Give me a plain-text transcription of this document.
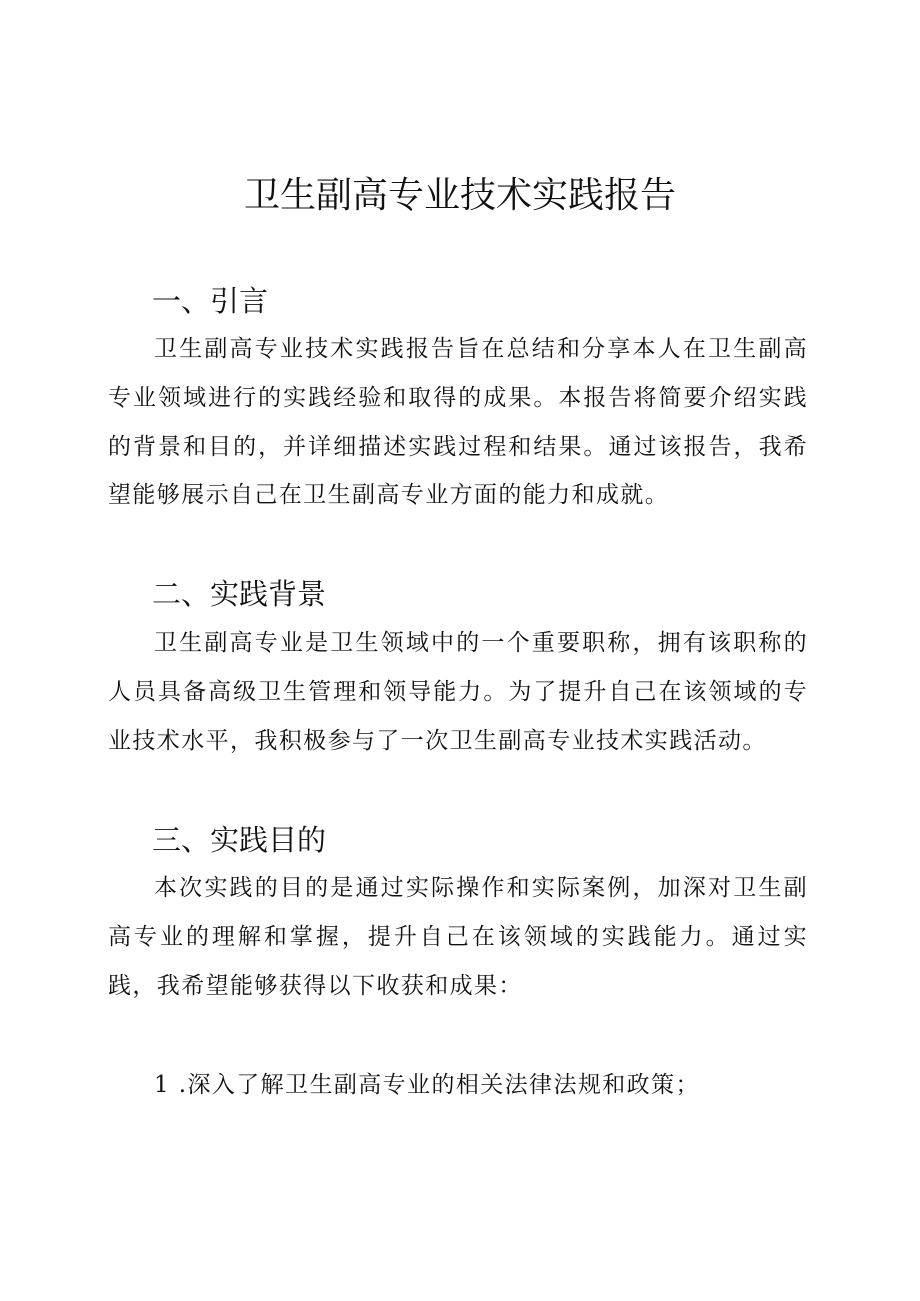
卫生副高专业技术实践报告
一、引言

卫生副高专业技术实践报告旨在总结和分享本人在卫生副高专业领域进行的实践经验和取得的成果。本报告将简要介绍实践的背景和目的，并详细描述实践过程和结果。通过该报告，我希望能够展示自己在卫生副高专业方面的能力和成就。

二、实践背景

卫生副高专业是卫生领域中的一个重要职称，拥有该职称的人员具备高级卫生管理和领导能力。为了提升自己在该领域的专业技术水平，我积极参与了一次卫生副高专业技术实践活动。

三、实践目的

本次实践的目的是通过实际操作和实际案例，加深对卫生副高专业的理解和掌握，提升自己在该领域的实践能力。通过实践，我希望能够获得以下收获和成果：

1 .深入了解卫生副高专业的相关法律法规和政策；
